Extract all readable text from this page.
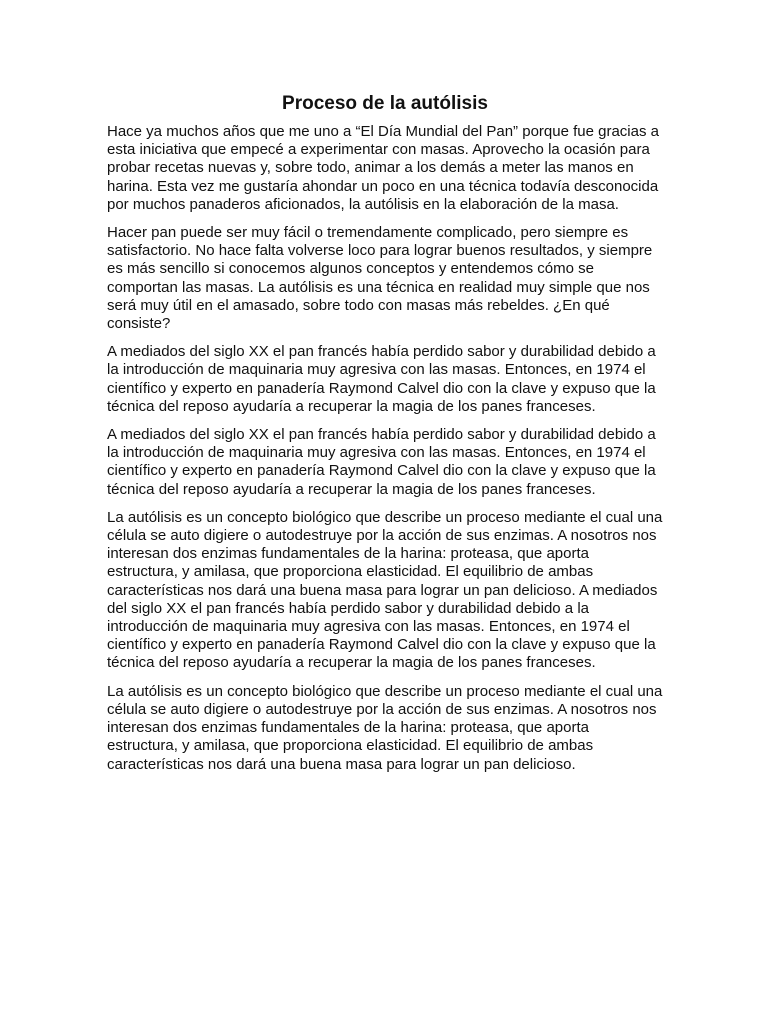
Proceso de la autólisis

Hace ya muchos años que me uno a “El Día Mundial del Pan” porque fue gracias a esta iniciativa que empecé a experimentar con masas. Aprovecho la ocasión para probar recetas nuevas y, sobre todo, animar a los demás a meter las manos en harina. Esta vez me gustaría ahondar un poco en una técnica todavía desconocida por muchos panaderos aficionados, la autólisis en la elaboración de la masa.

Hacer pan puede ser muy fácil o tremendamente complicado, pero siempre es satisfactorio. No hace falta volverse loco para lograr buenos resultados, y siempre es más sencillo si conocemos algunos conceptos y entendemos cómo se comportan las masas. La autólisis es una técnica en realidad muy simple que nos será muy útil en el amasado, sobre todo con masas más rebeldes. ¿En qué consiste?

A mediados del siglo XX el pan francés había perdido sabor y durabilidad debido a la introducción de maquinaria muy agresiva con las masas. Entonces, en 1974 el científico y experto en panadería Raymond Calvel dio con la clave y expuso que la técnica del reposo ayudaría a recuperar la magia de los panes franceses.

A mediados del siglo XX el pan francés había perdido sabor y durabilidad debido a la introducción de maquinaria muy agresiva con las masas. Entonces, en 1974 el científico y experto en panadería Raymond Calvel dio con la clave y expuso que la técnica del reposo ayudaría a recuperar la magia de los panes franceses.

La autólisis es un concepto biológico que describe un proceso mediante el cual una célula se auto digiere o autodestruye por la acción de sus enzimas. A nosotros nos interesan dos enzimas fundamentales de la harina: proteasa, que aporta estructura, y amilasa, que proporciona elasticidad. El equilibrio de ambas características nos dará una buena masa para lograr un pan delicioso. A mediados del siglo XX el pan francés había perdido sabor y durabilidad debido a la introducción de maquinaria muy agresiva con las masas. Entonces, en 1974 el científico y experto en panadería Raymond Calvel dio con la clave y expuso que la técnica del reposo ayudaría a recuperar la magia de los panes franceses.

La autólisis es un concepto biológico que describe un proceso mediante el cual una célula se auto digiere o autodestruye por la acción de sus enzimas. A nosotros nos interesan dos enzimas fundamentales de la harina: proteasa, que aporta estructura, y amilasa, que proporciona elasticidad. El equilibrio de ambas características nos dará una buena masa para lograr un pan delicioso.
